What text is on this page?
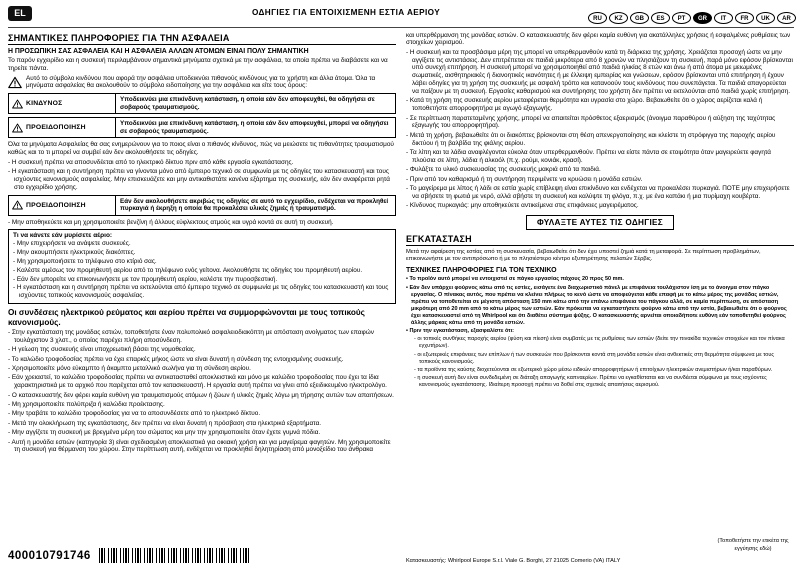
EL	ΟΔΗΓΙΕΣ ΓΙΑ ΕΝΤΟΙΧΙΣΜΕΝΗ ΕΣΤΙΑ ΑΕΡΙΟΥ
RU KZ GB ES PT GR IT FR UK AR
ΣΗΜΑΝΤΙΚΕΣ ΠΛΗΡΟΦΟΡΙΕΣ ΓΙΑ ΤΗΝ ΑΣΦΑΛΕΙΑ
Η ΠΡΟΣΩΠΙΚΗ ΣΑΣ ΑΣΦΑΛΕΙΑ ΚΑΙ Η ΑΣΦΑΛΕΙΑ ΑΛΛΩΝ ΑΤΟΜΩΝ ΕΙΝΑΙ ΠΟΛΥ ΣΗΜΑΝΤΙΚΗ
Το παρόν εγχειρίδιο και η συσκευή περιλαμβάνουν σημαντικά μηνύματα σχετικά με την ασφάλεια, τα οποία πρέπει να διαβάσετε και να τηρείτε πάντα.
Αυτό το σύμβολο κινδύνου που αφορά την ασφάλεια υποδεικνύει πιθανούς κινδύνους για το χρήστη και άλλα άτομα. Όλα τα μηνύματα ασφαλείας θα ακολουθούν το σύμβολο ειδοποίησης για την ασφάλεια και είτε τους όρους:
ΚΙΝΔΥΝΟΣ
Υποδεικνύει μια επικίνδυνη κατάσταση, η οποία εάν δεν αποφευχθεί, θα οδηγήσει σε σοβαρούς τραυματισμούς.
ΠΡΟΕΙΔΟΠΟΙΗΣΗ
Υποδεικνύει μια επικίνδυνη κατάσταση, η οποία εάν δεν αποφευχθεί, μπορεί να οδηγήσει σε σοβαρούς τραυματισμούς.
Όλα τα μηνύματα Ασφαλείας θα σας ενημερώνουν για το ποιος είναι ο πιθανός κίνδυνος, πώς να μειώσετε τις πιθανότητες τραυματισμού καθώς και το τι μπορεί να συμβεί εάν δεν ακολουθήσετε τις οδηγίες.
- Η συσκευή πρέπει να αποσυνδέεται από το ηλεκτρικό δίκτυο πριν από κάθε εργασία εγκατάστασης.
- Η εγκατάσταση και η συντήρηση πρέπει να γίνονται μόνο από έμπειρο τεχνικό σε συμφωνία με τις οδηγίες του κατασκευαστή και τους ισχύοντες κανονισμούς ασφαλείας. Μην επισκευάζετε και μην αντικαθιστάτε κανένα εξάρτημα της συσκευής, εάν δεν αναφέρεται ρητά στο εγχειρίδιο χρήσης.
ΠΡΟΕΙΔΟΠΟΙΗΣΗ
Εάν δεν ακολουθήσετε ακριβώς τις οδηγίες σε αυτό το εγχειρίδιο, ενδέχεται να προκληθεί πυρκαγιά ή έκρηξη η οποία θα προκαλέσει υλικές ζημιές ή τραυματισμό.
- Μην αποθηκεύετε και μη χρησιμοποιείτε βενζίνη ή άλλους εύφλεκτους ατμούς και υγρά κοντά σε αυτή τη συσκευή.
Τι να κάνετε εάν μυρίσετε αέριο:
- Μην επιχειρήσετε να ανάψετε συσκευές.
- Μην ακουμπήσετε ηλεκτρικούς διακόπτες.
- Μη χρησιμοποιήσετε το τηλέφωνο στο κτίριό σας.
- Καλέστε αμέσως τον προμηθευτή αερίου από το τηλέφωνο ενός γείτονα. Ακολουθήστε τις οδηγίες του προμηθευτή αερίου.
- Εάν δεν μπορείτε να επικοινωνήσετε με τον προμηθευτή αερίου, καλέστε την πυροσβεστική.
- Η εγκατάσταση και η συντήρηση πρέπει να εκτελούνται από έμπειρο τεχνικό σε συμφωνία με τις οδηγίες του κατασκευαστή και τους ισχύοντες τοπικούς κανονισμούς ασφαλείας.
Οι συνδέσεις ηλεκτρικού ρεύματος και αερίου πρέπει να συμμορφώνονται με τους τοπικούς κανονισμούς.
- Στην εγκατάσταση της μονάδας εστιών, τοποθετήστε έναν πολυπολικό ασφαλειοδιακόπτη με απόσταση ανοίγματος των επαφών τουλάχιστον 3 χλστ., ο οποίος παρέχει πλήρη αποσύνδεση.
- Η γείωση της συσκευής είναι υποχρεωτική βάσει της νομοθεσίας.
- Το καλώδιο τροφοδοσίας πρέπει να έχει επαρκές μήκος ώστε να είναι δυνατή η σύνδεση της εντοιχισμένης συσκευής.
- Χρησιμοποιείτε μόνο εύκαμπτο ή άκαμπτο μεταλλικό σωλήνα για τη σύνδεση αερίου.
- Εάν χρειαστεί, το καλώδιο τροφοδοσίας πρέπει να αντικατασταθεί αποκλειστικά και μόνο με καλώδιο τροφοδοσίας που έχει τα ίδια χαρακτηριστικά με το αρχικό που παρέχεται από τον κατασκευαστή. Η εργασία αυτή πρέπει να γίνει από εξειδικευμένο ηλεκτρολόγο.
- Ο κατασκευαστής δεν φέρει καμία ευθύνη για τραυματισμούς ατόμων ή ζώων ή υλικές ζημιές λόγω μη τήρησης αυτών των απαιτήσεων.
- Μη χρησιμοποιείτε πολύπριζα ή καλώδια προέκτασης.
- Μην τραβάτε το καλώδιο τροφοδοσίας για να το αποσυνδέσετε από το ηλεκτρικό δίκτυο.
- Μετά την ολοκλήρωση της εγκατάστασης, δεν πρέπει να είναι δυνατή η πρόσβαση στα ηλεκτρικά εξαρτήματα.
- Μην αγγίζετε τη συσκευή με βρεγμένα μέρη του σώματος και μην την χρησιμοποιείτε όταν έχετε γυμνά πόδια.
- Αυτή η μονάδα εστιών (κατηγορία 3) είναι σχεδιασμένη αποκλειστικά για οικιακή χρήση και για μαγείρεμα φαγητών. Μη χρησιμοποιείτε τη συσκευή για θέρμανση του χώρου. Στην περίπτωση αυτή, ενδέχεται να προκληθεί δηλητηρίαση από μονοξείδιο του άνθρακα
και υπερθέρμανση της μονάδας εστιών. Ο κατασκευαστής δεν φέρει καμία ευθύνη για ακατάλληλες χρήσεις ή εσφαλμένες ρυθμίσεις των στοιχείων χειρισμού.
- Η συσκευή και τα προσβάσιμα μέρη της μπορεί να υπερθερμανθούν κατά τη διάρκεια της χρήσης. Χρειάζεται προσοχή ώστε να μην αγγίξετε τις αντιστάσεις. Δεν επιτρέπεται σε παιδιά μικρότερα από 8 χρονών να πλησιάζουν τη συσκευή, παρά μόνο εφόσον βρίσκονται υπό συνεχή επιτήρηση. Η συσκευή μπορεί να χρησιμοποιηθεί από παιδιά ηλικίας 8 ετών και άνω ή από άτομα με μειωμένες σωματικές, αισθητηριακές ή διανοητικές ικανότητες ή με έλλειψη εμπειρίας και γνώσεων, εφόσον βρίσκονται υπό επιτήρηση ή έχουν λάβει οδηγίες για τη χρήση της συσκευής με ασφαλή τρόπο και κατανοούν τους κινδύνους που συνεπάγεται. Τα παιδιά απαγορεύεται να παίζουν με τη συσκευή. Εργασίες καθαρισμού και συντήρησης του χρήστη δεν πρέπει να εκτελούνται από παιδιά χωρίς επιτήρηση.
- Κατά τη χρήση της συσκευής αερίου μεταφέρεται θερμότητα και υγρασία στο χώρο. Βεβαιωθείτε ότι ο χώρος αερίζεται καλά ή τοποθετήστε απορροφητήρα με αγωγό εξαγωγής.
- Σε περίπτωση παρατεταμένης χρήσης, μπορεί να απαιτείται πρόσθετος εξαερισμός (άνοιγμα παραθύρου ή αύξηση της ταχύτητας εξαγωγής του απορροφητήρα).
- Μετά τη χρήση, βεβαιωθείτε ότι οι διακόπτες βρίσκονται στη θέση απενεργοποίησης και κλείστε τη στρόφιγγα της παροχής αερίου δικτύου ή τη βαλβίδα της φιάλης αερίου.
- Τα λίπη και τα λάδια αναφλέγονται εύκολα όταν υπερθερμανθούν. Πρέπει να είστε πάντα σε ετοιμότητα όταν μαγειρεύετε φαγητά πλούσια σε λίπη, λάδια ή αλκοόλ (π.χ. ρούμι, κονιάκ, κρασί).
- Φυλάξτε το υλικό συσκευασίας της συσκευής μακριά από τα παιδιά.
- Πριν από τον καθαρισμό ή τη συντήρηση περιμένετε να κρυώσει η μονάδα εστιών.
- Το μαγείρεμα με λίπος ή λάδι σε εστία χωρίς επίβλεψη είναι επικίνδυνο και ενδέχεται να προκαλέσει πυρκαγιά. ΠΟΤΕ μην επιχειρήσετε να σβήσετε τη φωτιά με νερό, αλλά σβήστε τη συσκευή και καλύψτε τη φλόγα, π.χ. με ένα καπάκι ή μια πυρίμαχη κουβέρτα.
- Κίνδυνος πυρκαγιάς: μην αποθηκεύετε αντικείμενα στις επιφάνειες μαγειρέματος.
ΦΥΛΑΞΤΕ ΑΥΤΕΣ ΤΙΣ ΟΔΗΓΙΕΣ
ΕΓΚΑΤΑΣΤΑΣΗ
Μετά την αφαίρεση της εστίας από τη συσκευασία, βεβαιωθείτε ότι δεν έχει υποστεί ζημιά κατά τη μεταφορά. Σε περίπτωση προβλημάτων, επικοινωνήστε με τον αντιπρόσωπο ή με το πλησιέστερο κέντρο εξυπηρέτησης πελατών Σέρβις.
ΤΕΧΝΙΚΕΣ ΠΛΗΡΟΦΟΡΙΕΣ ΓΙΑ ΤΟΝ ΤΕΧΝΙΚΟ
• Το προϊόν αυτό μπορεί να εντοιχιστεί σε πάγκο εργασίας πάχους 20 προς 50 mm.
• Εάν δεν υπάρχει φούρνος κάτω από τις εστίες, εισάγετε ένα διαχωριστικό πάνελ με επιφάνεια τουλάχιστον ίση με το άνοιγμα στον πάγκο εργασίας. Ο πίνακας αυτός, που πρέπει να κλείνει πλήρως το κενό ώστε να αποφεύγεται κάθε επαφή με το κάτω μέρος της μονάδας εστιών, πρέπει να τοποθετείται σε μέγιστη απόσταση 150 mm κάτω από την επάνω επιφάνεια του πάγκου αλλά, σε καμία περίπτωση, σε απόσταση μικρότερη από 20 mm από το κάτω μέρος των εστιών. Εάν πρόκειται να εγκαταστήσετε φούρνο κάτω από την εστία, βεβαιωθείτε ότι ο φούρνος έχει κατασκευαστεί από τη Whirlpool και ότι διαθέτει σύστημα ψύξης. Ο κατασκευαστής αρνείται οποιαδήποτε ευθύνη εάν τοποθετηθεί φούρνος άλλης μάρκας κάτω από τη μονάδα εστιών.
• Πριν την εγκατάσταση, εξασφαλίστε ότι:
- οι τοπικές συνθήκες παροχής αερίου (φύση και πίεση) είναι συμβατές με τις ρυθμίσεις των εστιών (δείτε την πινακίδα τεχνικών στοιχείων και τον πίνακα εγχυτήρων).
- οι εξωτερικές επιφάνειες των επίπλων ή των συσκευών που βρίσκονται κοντά στη μονάδα εστιών είναι ανθεκτικές στη θερμότητα σύμφωνα με τους τοπικούς κανονισμούς.
- τα προϊόντα της καύσης διοχετεύονται σε εξωτερικό χώρο μέσω ειδικών απορροφητήρων ή επιτοίχιων ηλεκτρικών ανεμιστήρων ή/και παραθύρων.
- η συσκευή αυτή δεν είναι συνδεδεμένη σε διάταξη απαγωγής καπναερίων. Πρέπει να εγκαθίσταται και να συνδέεται σύμφωνα με τους ισχύοντες κανονισμούς εγκατάστασης. Ιδιαίτερη προσοχή πρέπει να δοθεί στις σχετικές απαιτήσεις αερισμού.
(Τοποθετήστε την ετικέτα της εγγύησης εδώ)
400010791746	Κατασκευαστής: Whirlpool Europe S.r.l. Viale G. Borghi, 27 21025 Comerio (VA) ITALY
